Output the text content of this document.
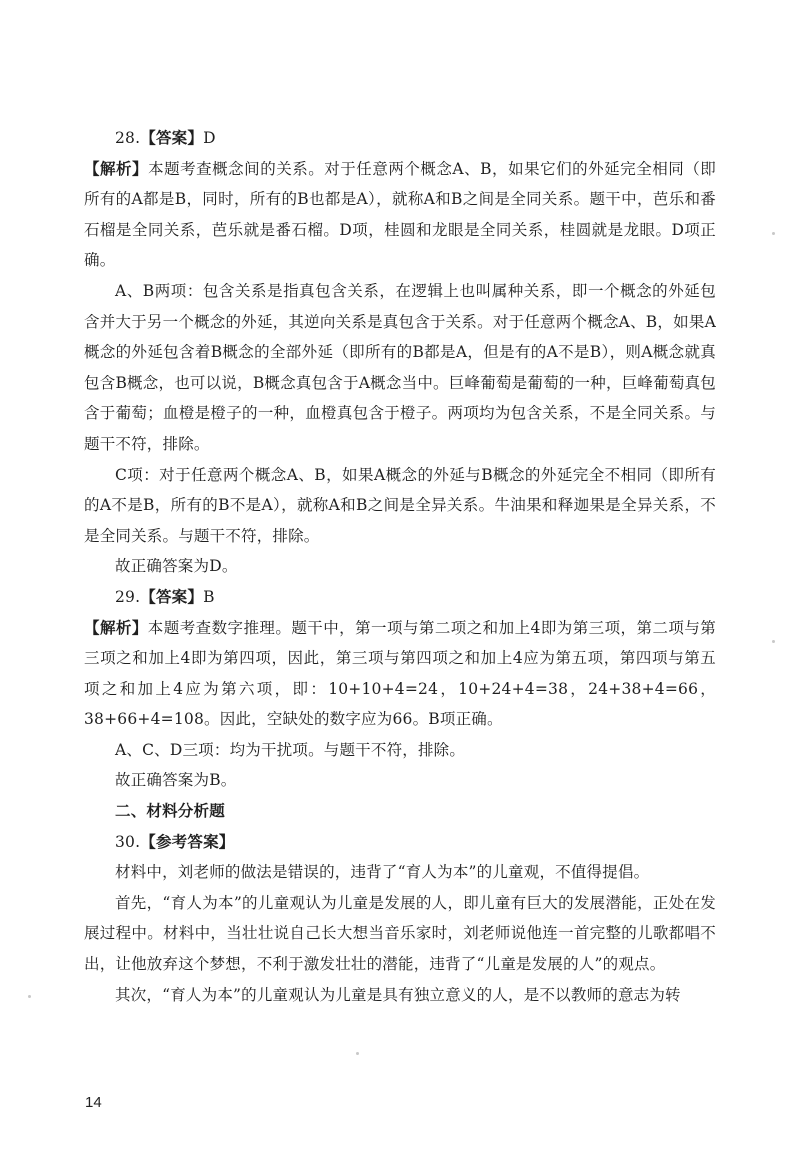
28.【答案】D

【解析】本题考查概念间的关系。对于任意两个概念A、B，如果它们的外延完全相同（即所有的A都是B，同时，所有的B也都是A），就称A和B之间是全同关系。题干中，芭乐和番石榴是全同关系，芭乐就是番石榴。D项，桂圆和龙眼是全同关系，桂圆就是龙眼。D项正确。

A、B两项：包含关系是指真包含关系，在逻辑上也叫属种关系，即一个概念的外延包含并大于另一个概念的外延，其逆向关系是真包含于关系。对于任意两个概念A、B，如果A概念的外延包含着B概念的全部外延（即所有的B都是A，但是有的A不是B），则A概念就真包含B概念，也可以说，B概念真包含于A概念当中。巨峰葡萄是葡萄的一种，巨峰葡萄真包含于葡萄；血橙是橙子的一种，血橙真包含于橙子。两项均为包含关系，不是全同关系。与题干不符，排除。

C项：对于任意两个概念A、B，如果A概念的外延与B概念的外延完全不相同（即所有的A不是B，所有的B不是A），就称A和B之间是全异关系。牛油果和释迦果是全异关系，不是全同关系。与题干不符，排除。

故正确答案为D。

29.【答案】B

【解析】本题考查数字推理。题干中，第一项与第二项之和加上4即为第三项，第二项与第三项之和加上4即为第四项，因此，第三项与第四项之和加上4应为第五项，第四项与第五项之和加上4应为第六项，即：10+10+4=24，10+24+4=38，24+38+4=66，38+66+4=108。因此，空缺处的数字应为66。B项正确。

A、C、D三项：均为干扰项。与题干不符，排除。

故正确答案为B。

二、材料分析题

30.【参考答案】

材料中，刘老师的做法是错误的，违背了“育人为本”的儿童观，不值得提倡。

首先，“育人为本”的儿童观认为儿童是发展的人，即儿童有巨大的发展潜能，正处在发展过程中。材料中，当壮壮说自己长大想当音乐家时，刘老师说他连一首完整的儿歌都唱不出，让他放弃这个梦想，不利于激发壮壮的潜能，违背了“儿童是发展的人”的观点。

其次，“育人为本”的儿童观认为儿童是具有独立意义的人，是不以教师的意志为转

14
